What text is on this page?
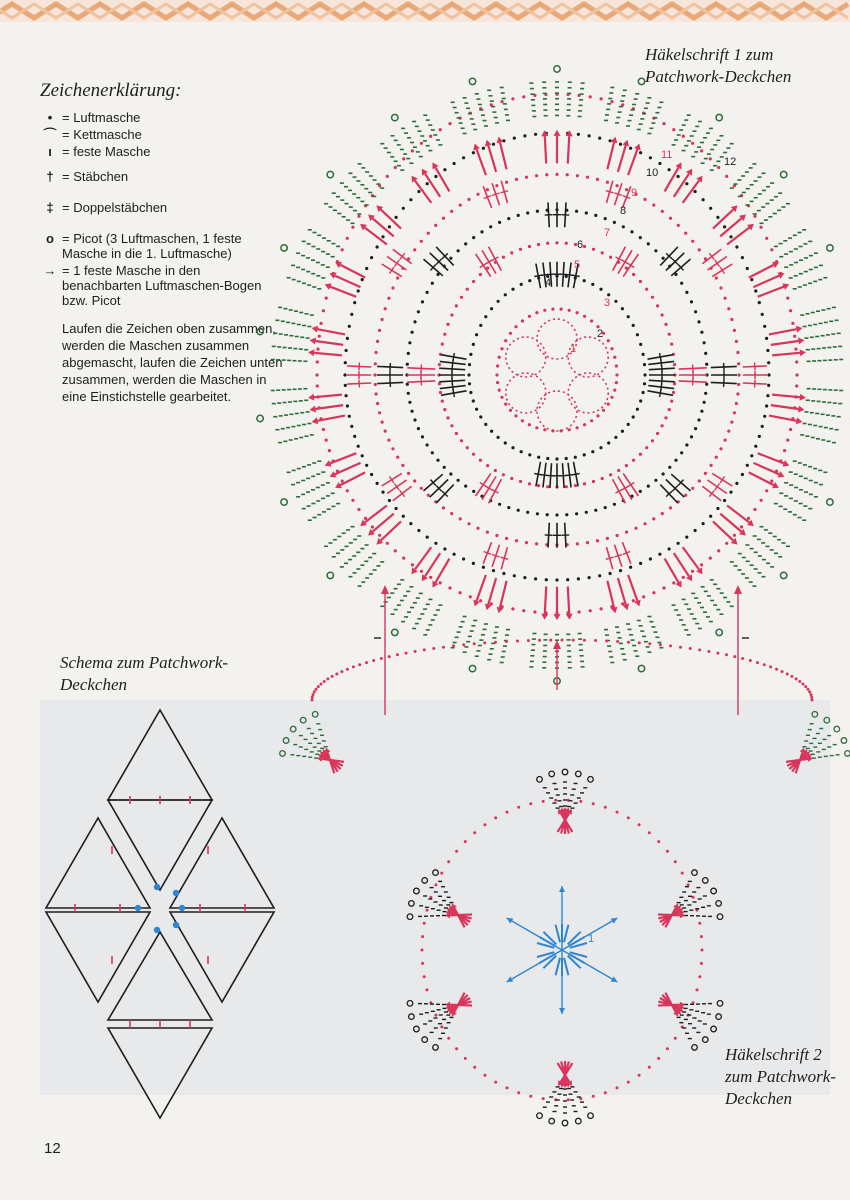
Zeichenerklärung:
• = Luftmasche
⌒ = Kettmasche
ı = feste Masche
† = Stäbchen
‡ = Doppelstäbchen
o = Picot (3 Luftmaschen, 1 feste Masche in die 1. Luftmasche)
→ = 1 feste Masche in den benachbarten Luftmaschen-Bogen bzw. Picot
Laufen die Zeichen oben zusammen, werden die Maschen zusammen abgemascht, laufen die Zeichen unten zusammen, werden die Maschen in eine Einstichstelle gearbeitet.
Häkelschrift 1 zum
Patchwork-Deckchen
Schema zum Patchwork-
Deckchen
Häkelschrift 2
zum Patchwork-
Deckchen
12
1
2
3
4
5
6
7
8
9
10
11
12
1
